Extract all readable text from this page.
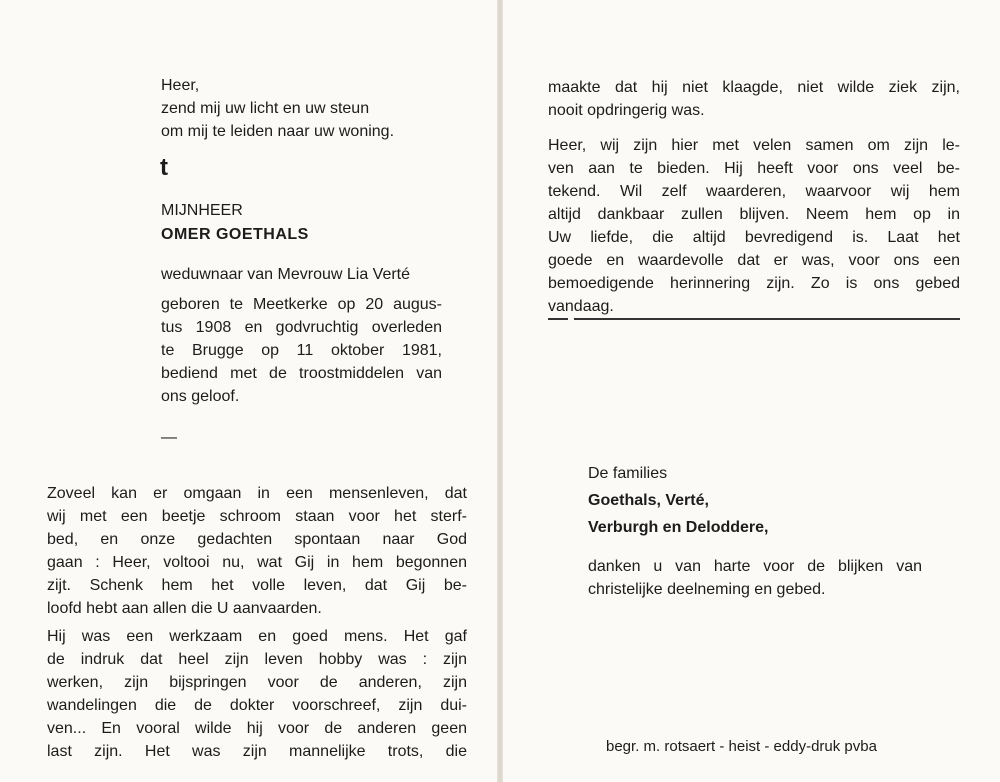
Heer,
zend mij uw licht en uw steun
om mij te leiden naar uw woning.
t
MIJNHEER
OMER GOETHALS
weduwnaar van Mevrouw Lia Verté

geboren te Meetkerke op 20 augus-

tus 1908 en godvruchtig overleden

te Brugge op 11 oktober 1981,

bediend met de troostmiddelen van

ons geloof.

—

Zoveel kan er omgaan in een mensenleven, dat

wij met een beetje schroom staan voor het sterf-

bed, en onze gedachten spontaan naar God

gaan : Heer, voltooi nu, wat Gij in hem begonnen

zijt. Schenk hem het volle leven, dat Gij be-

loofd hebt aan allen die U aanvaarden.

Hij was een werkzaam en goed mens. Het gaf

de indruk dat heel zijn leven hobby was : zijn

werken, zijn bijspringen voor de anderen, zijn

wandelingen die de dokter voorschreef, zijn dui-

ven... En vooral wilde hij voor de anderen geen

last zijn. Het was zijn mannelijke trots, die

maakte dat hij niet klaagde, niet wilde ziek zijn,

nooit opdringerig was.

Heer, wij zijn hier met velen samen om zijn le-

ven aan te bieden. Hij heeft voor ons veel be-

tekend. Wil zelf waarderen, waarvoor wij hem

altijd dankbaar zullen blijven. Neem hem op in

Uw liefde, die altijd bevredigend is. Laat het

goede en waardevolle dat er was, voor ons een

bemoedigende herinnering zijn. Zo is ons gebed

vandaag.

De families
Goethals, Verté,
Verburgh en Deloddere,

danken u van harte voor de blijken van

christelijke deelneming en gebed.

begr. m. rotsaert - heist - eddy-druk pvba
